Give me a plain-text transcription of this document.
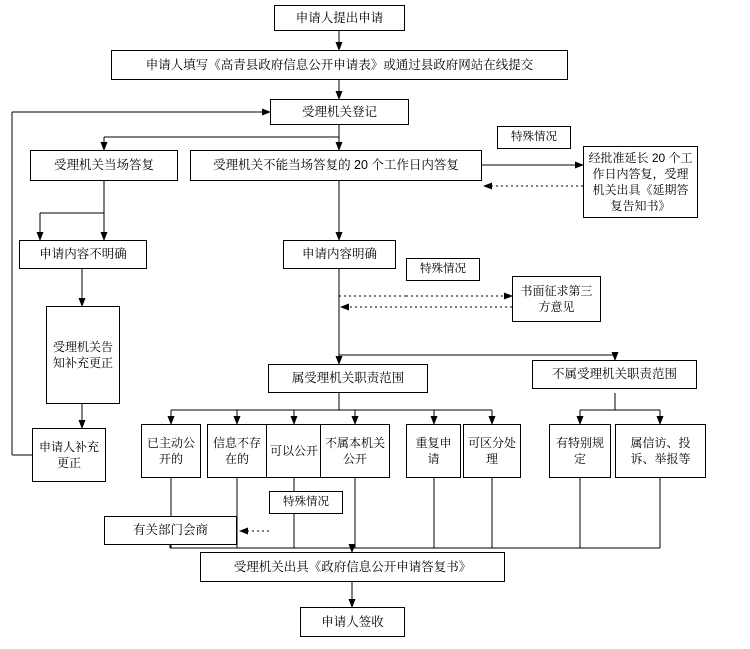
申请人提出申请
申请人填写《高青县政府信息公开申请表》或通过县政府网站在线提交
受理机关登记
受理机关当场答复	受理机关不能当场答复的 20 个工作日内答复
特殊情况
经批准延长 20 个工作日内答复，受理机关出具《延期答复告知书》
申请内容不明确	申请内容明确
特殊情况
书面征求第三方意见
受理机关告知补充更正
申请人补充更正
属受理机关职责范围	不属受理机关职责范围
已主动公开的
信息不存在的
可以公开
不属本机关公开
重复申请
可区分处理
有特别规定
属信访、投诉、举报等
特殊情况
有关部门会商
受理机关出具《政府信息公开申请答复书》
申请人签收
